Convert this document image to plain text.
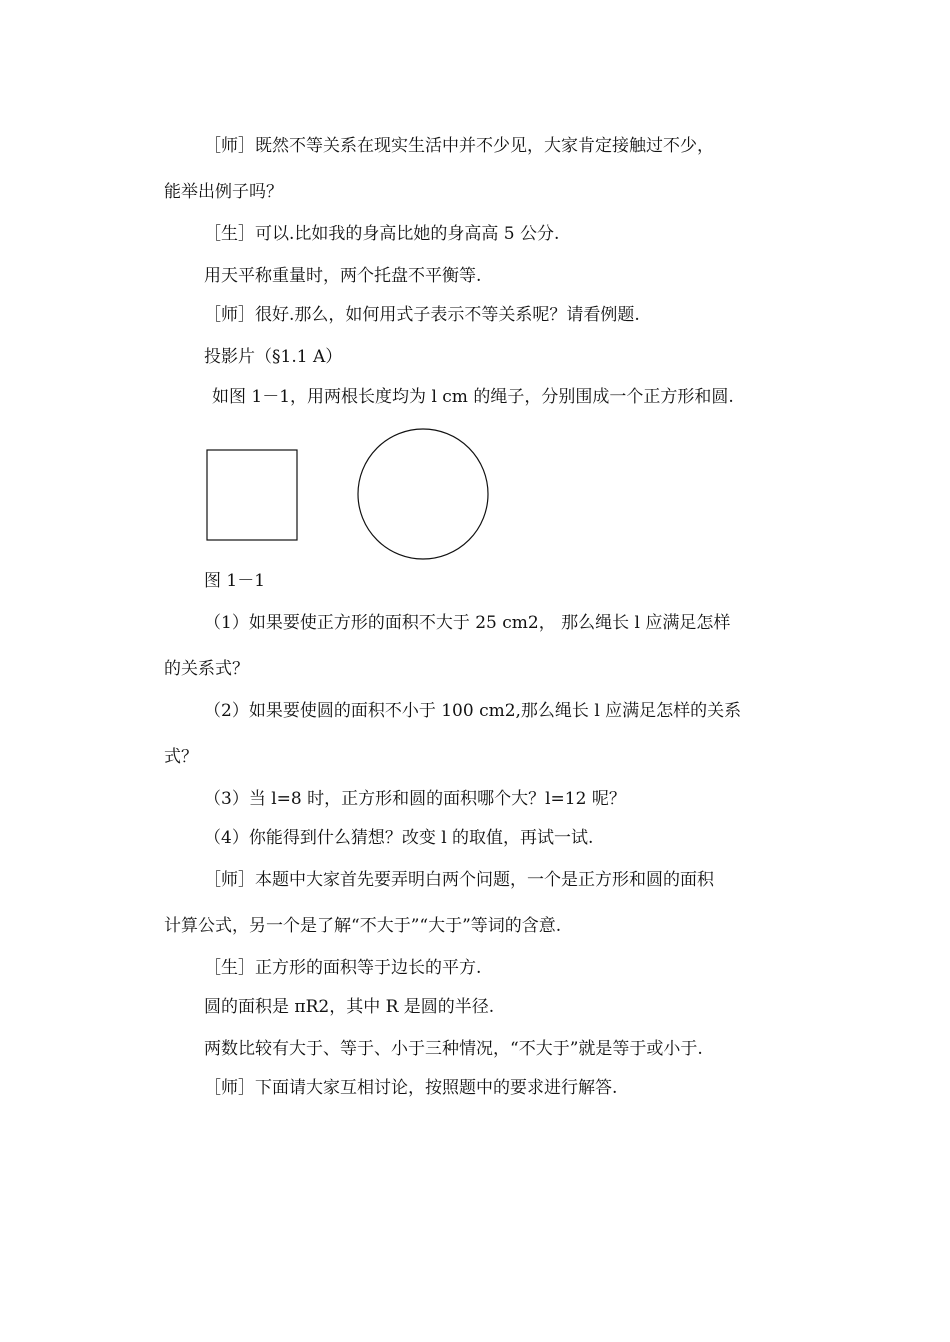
［师］既然不等关系在现实生活中并不少见，大家肯定接触过不少，
能举出例子吗？
［生］可以.比如我的身高比她的身高高 5 公分.
用天平称重量时，两个托盘不平衡等.
［师］很好.那么，如何用式子表示不等关系呢？请看例题.
投影片（§1.1 A）
如图 1－1，用两根长度均为 l cm 的绳子，分别围成一个正方形和圆.
图 1－1
（1）如果要使正方形的面积不大于 25 cm2， 那么绳长 l 应满足怎样
的关系式？
（2）如果要使圆的面积不小于 100 cm2,那么绳长 l 应满足怎样的关系
式？
（3）当 l=8 时，正方形和圆的面积哪个大？l=12 呢？
（4）你能得到什么猜想？改变 l 的取值，再试一试.
［师］本题中大家首先要弄明白两个问题，一个是正方形和圆的面积
计算公式，另一个是了解“不大于”“大于”等词的含意.
［生］正方形的面积等于边长的平方.
圆的面积是 πR2，其中 R 是圆的半径.
两数比较有大于、等于、小于三种情况，“不大于”就是等于或小于.
［师］下面请大家互相讨论，按照题中的要求进行解答.
